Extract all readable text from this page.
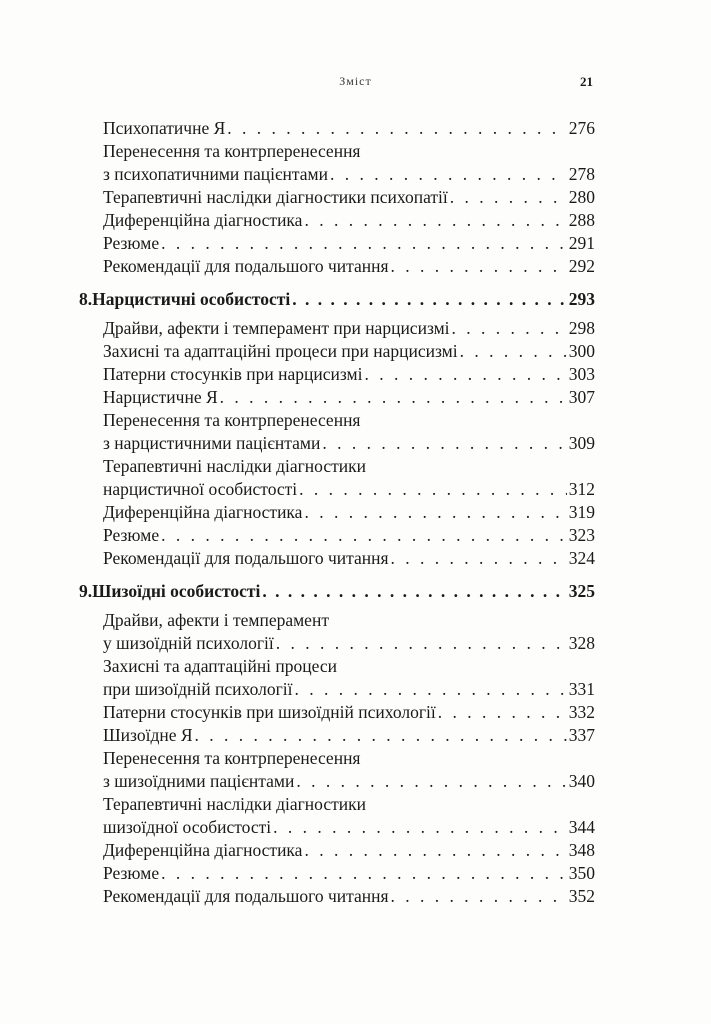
Зміст	21
Психопатичне Я . . .	276
Перенесення та контрперенесення
з психопатичними пацієнтами . . .	278
Терапевтичні наслідки діагностики психопатії . . .	280
Диференційна діагностика . . .	288
Резюме . . .	291
Рекомендації для подальшого читання . . .	292
8. Нарцистичні особистості . . .	293
Драйви, афекти і темперамент при нарцисизмі . . .	298
Захисні та адаптаційні процеси при нарцисизмі . . .	300
Патерни стосунків при нарцисизмі . . .	303
Нарцистичне Я . . .	307
Перенесення та контрперенесення
з нарцистичними пацієнтами . . .	309
Терапевтичні наслідки діагностики
нарцистичної особистості . . .	312
Диференційна діагностика . . .	319
Резюме . . .	323
Рекомендації для подальшого читання . . .	324
9. Шизоїдні особистості . . .	325
Драйви, афекти і темперамент
у шизоїдній психології . . .	328
Захисні та адаптаційні процеси
при шизоїдній психології . . .	331
Патерни стосунків при шизоїдній психології . . .	332
Шизоїдне Я . . .	337
Перенесення та контрперенесення
з шизоїдними пацієнтами . . .	340
Терапевтичні наслідки діагностики
шизоїдної особистості . . .	344
Диференційна діагностика . . .	348
Резюме . . .	350
Рекомендації для подальшого читання . . .	352
